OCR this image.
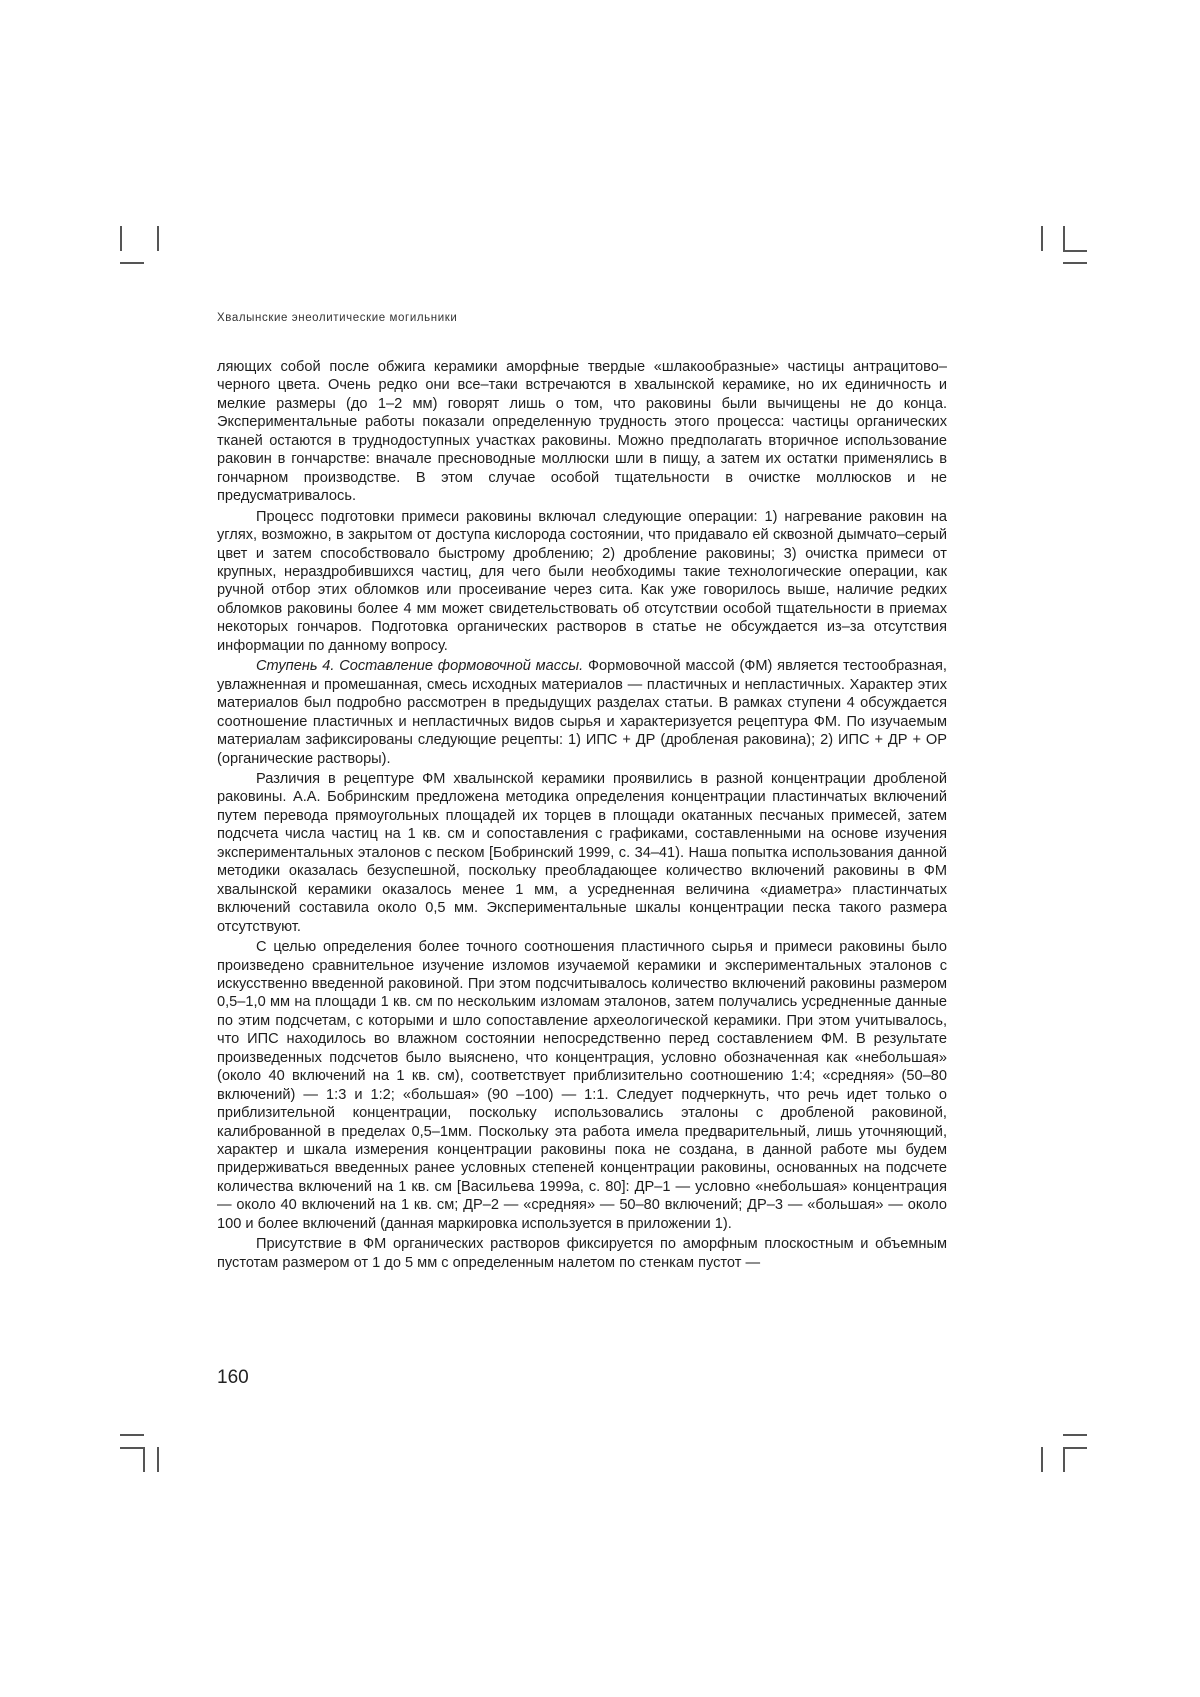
Хвалынские энеолитические могильники

ляющих собой после обжига керамики аморфные твердые «шлакообразные» частицы антрацитово–черного цвета. Очень редко они все–таки встречаются в хвалынской керамике, но их единичность и мелкие размеры (до 1–2 мм) говорят лишь о том, что раковины были вычищены не до конца. Экспериментальные работы показали определенную трудность этого процесса: частицы органических тканей остаются в труднодоступных участках раковины. Можно предполагать вторичное использование раковин в гончарстве: вначале пресноводные моллюски шли в пищу, а затем их остатки применялись в гончарном производстве. В этом случае особой тщательности в очистке моллюсков и не предусматривалось.

Процесс подготовки примеси раковины включал следующие операции: 1) нагревание раковин на углях, возможно, в закрытом от доступа кислорода состоянии, что придавало ей сквозной дымчато–серый цвет и затем способствовало быстрому дроблению; 2) дробление раковины; 3) очистка примеси от крупных, нераздробившихся частиц, для чего были необходимы такие технологические операции, как ручной отбор этих обломков или просеивание через сита. Как уже говорилось выше, наличие редких обломков раковины более 4 мм может свидетельствовать об отсутствии особой тщательности в приемах некоторых гончаров. Подготовка органических растворов в статье не обсуждается из–за отсутствия информации по данному вопросу.

Ступень 4. Составление формовочной массы. Формовочной массой (ФМ) является тестообразная, увлажненная и промешанная, смесь исходных материалов — пластичных и непластичных. Характер этих материалов был подробно рассмотрен в предыдущих разделах статьи. В рамках ступени 4 обсуждается соотношение пластичных и непластичных видов сырья и характеризуется рецептура ФМ. По изучаемым материалам зафиксированы следующие рецепты: 1) ИПС + ДР (дробленая раковина); 2) ИПС + ДР + ОР (органические растворы).

Различия в рецептуре ФМ хвалынской керамики проявились в разной концентрации дробленой раковины. А.А. Бобринским предложена методика определения концентрации пластинчатых включений путем перевода прямоугольных площадей их торцев в площади окатанных песчаных примесей, затем подсчета числа частиц на 1 кв. см и сопоставления с графиками, составленными на основе изучения экспериментальных эталонов с песком [Бобринский 1999, с. 34–41). Наша попытка использования данной методики оказалась безуспешной, поскольку преобладающее количество включений раковины в ФМ хвалынской керамики оказалось менее 1 мм, а усредненная величина «диаметра» пластинчатых включений составила около 0,5 мм. Экспериментальные шкалы концентрации песка такого размера отсутствуют.

С целью определения более точного соотношения пластичного сырья и примеси раковины было произведено сравнительное изучение изломов изучаемой керамики и экспериментальных эталонов с искусственно введенной раковиной. При этом подсчитывалось количество включений раковины размером 0,5–1,0 мм на площади 1 кв. см по нескольким изломам эталонов, затем получались усредненные данные по этим подсчетам, с которыми и шло сопоставление археологической керамики. При этом учитывалось, что ИПС находилось во влажном состоянии непосредственно перед составлением ФМ. В результате произведенных подсчетов было выяснено, что концентрация, условно обозначенная как «небольшая» (около 40 включений на 1 кв. см), соответствует приблизительно соотношению 1:4; «средняя» (50–80 включений) — 1:3 и 1:2; «большая» (90 –100) — 1:1. Следует подчеркнуть, что речь идет только о приблизительной концентрации, поскольку использовались эталоны с дробленой раковиной, калиброванной в пределах 0,5–1мм. Поскольку эта работа имела предварительный, лишь уточняющий, характер и шкала измерения концентрации раковины пока не создана, в данной работе мы будем придерживаться введенных ранее условных степеней концентрации раковины, основанных на подсчете количества включений на 1 кв. см [Васильева 1999а, с. 80]: ДР–1 — условно «небольшая» концентрация — около 40 включений на 1 кв. см; ДР–2 — «средняя» — 50–80 включений; ДР–3 — «большая» — около 100 и более включений (данная маркировка используется в приложении 1).

Присутствие в ФМ органических растворов фиксируется по аморфным плоскостным и объемным пустотам размером от 1 до 5 мм с определенным налетом по стенкам пустот —

160
